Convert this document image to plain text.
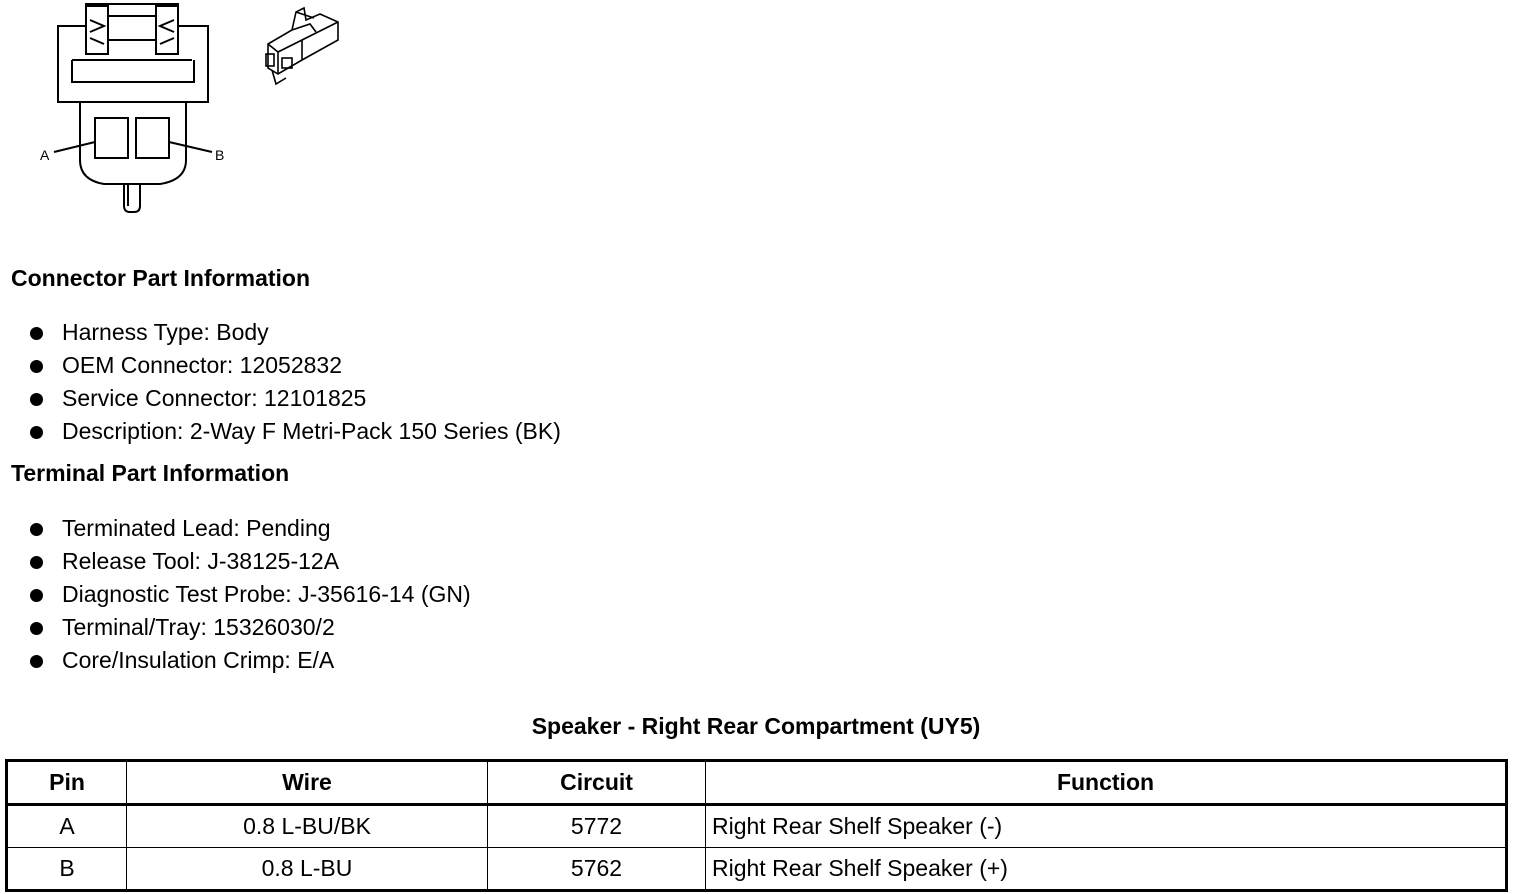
A	B
Connector Part Information
Harness Type: Body
OEM Connector: 12052832
Service Connector: 12101825
Description: 2-Way F Metri-Pack 150 Series (BK)
Terminal Part Information
Terminated Lead: Pending
Release Tool: J-38125-12A
Diagnostic Test Probe: J-35616-14 (GN)
Terminal/Tray: 15326030/2
Core/Insulation Crimp: E/A
Speaker - Right Rear Compartment (UY5)
Pin	Wire	Circuit	Function
A	0.8 L-BU/BK	5772	Right Rear Shelf Speaker (-)
B	0.8 L-BU	5762	Right Rear Shelf Speaker (+)
